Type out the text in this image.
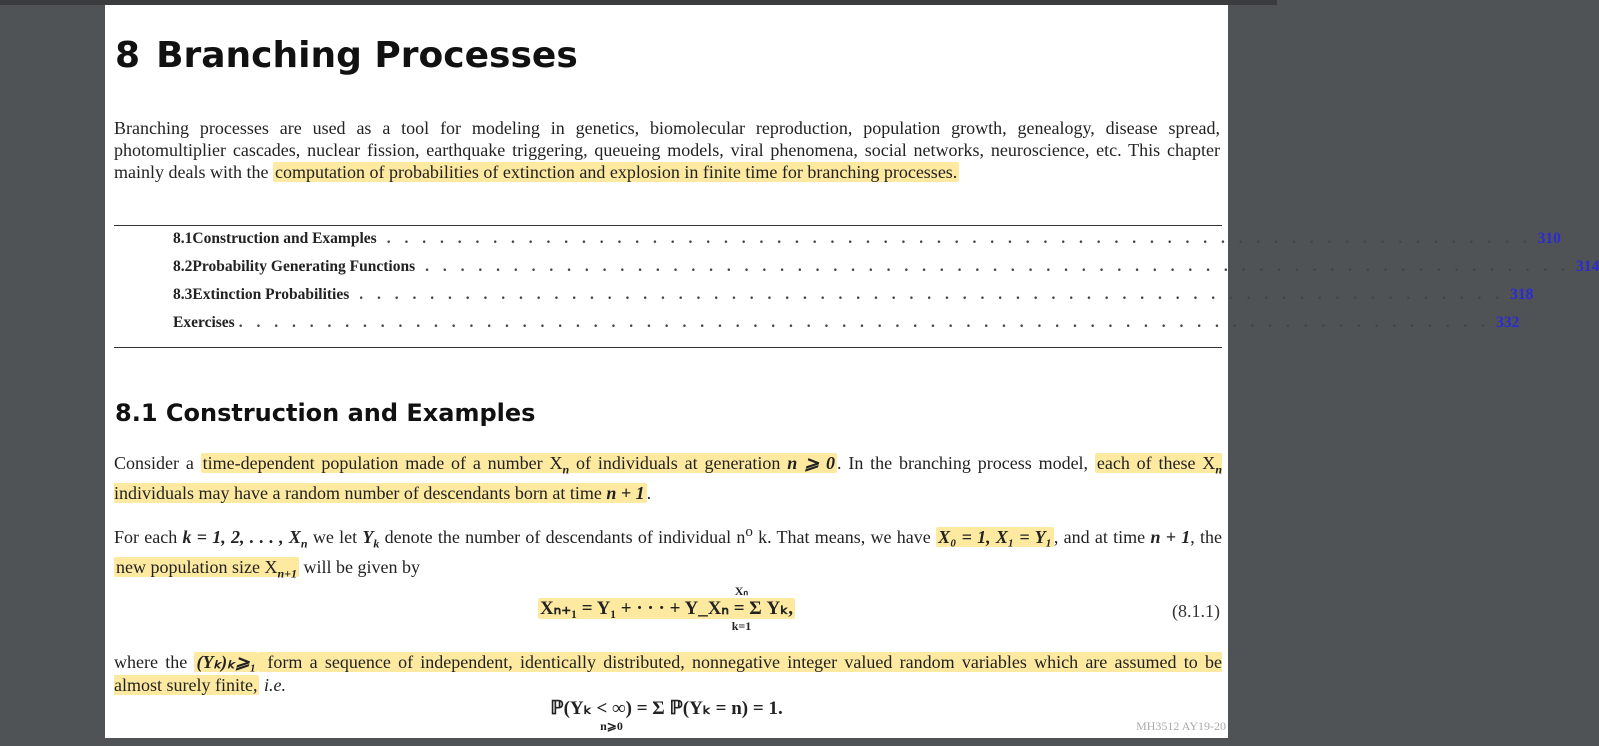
8 Branching Processes

Branching processes are used as a tool for modeling in genetics, biomolecular reproduction, population growth, genealogy, disease spread, photomultiplier cascades, nuclear fission, earthquake triggering, queueing models, viral phenomena, social networks, neuroscience, etc. This chapter mainly deals with the computation of probabilities of extinction and explosion in finite time for branching processes.

8.1 Construction and Examples . . . . . . . . . . . . . . . . . . . . . . . . . . . . . . . . . . . . . . . . . . . . . . . . . . . . . . . . . . . . . . . . . 310
8.2 Probability Generating Functions . . . . . . . . . . . . . . . . . . . . . . . . . . . . . . . . . . . . . . . . . . . . . . . . . . . . . . . . . . . . . . . . . 314
8.3 Extinction Probabilities . . . . . . . . . . . . . . . . . . . . . . . . . . . . . . . . . . . . . . . . . . . . . . . . . . . . . . . . . . . . . . . . . 318
Exercises . . . . . . . . . . . . . . . . . . . . . . . . . . . . . . . . . . . . . . . . . . . . . . . . . . . . . . . . . . . . . . . . . . . . . . . 332
8.1 Construction and Examples

Consider a time-dependent population made of a number $X_n$ of individuals at generation n ⩾ 0 . In the branching process model, each of these $X_n$ individuals may have a random number of descendants born at time n + 1 .

For each k = 1, 2, . . . , $X_n$ we let $Y_k$ denote the number of descendants of individual $n^o$ k. That means, we have X₀ = 1, X₁ = Y₁ , and at time n + 1, the new population size $X_{n+1}$ will be given by

Xₙ
Xₙ₊₁ = Y₁ + · · · + Y_Xₙ = Σ Yₖ,
k=1
(8.1.1)

where the (Yₖ)ₖ⩾₁ form a sequence of independent, identically distributed, nonnegative integer valued random variables which are assumed to be almost surely finite, i.e.

ℙ(Yₖ < ∞) = Σ ℙ(Yₖ = n) = 1.
n⩾0	MH3512 AY19-20
